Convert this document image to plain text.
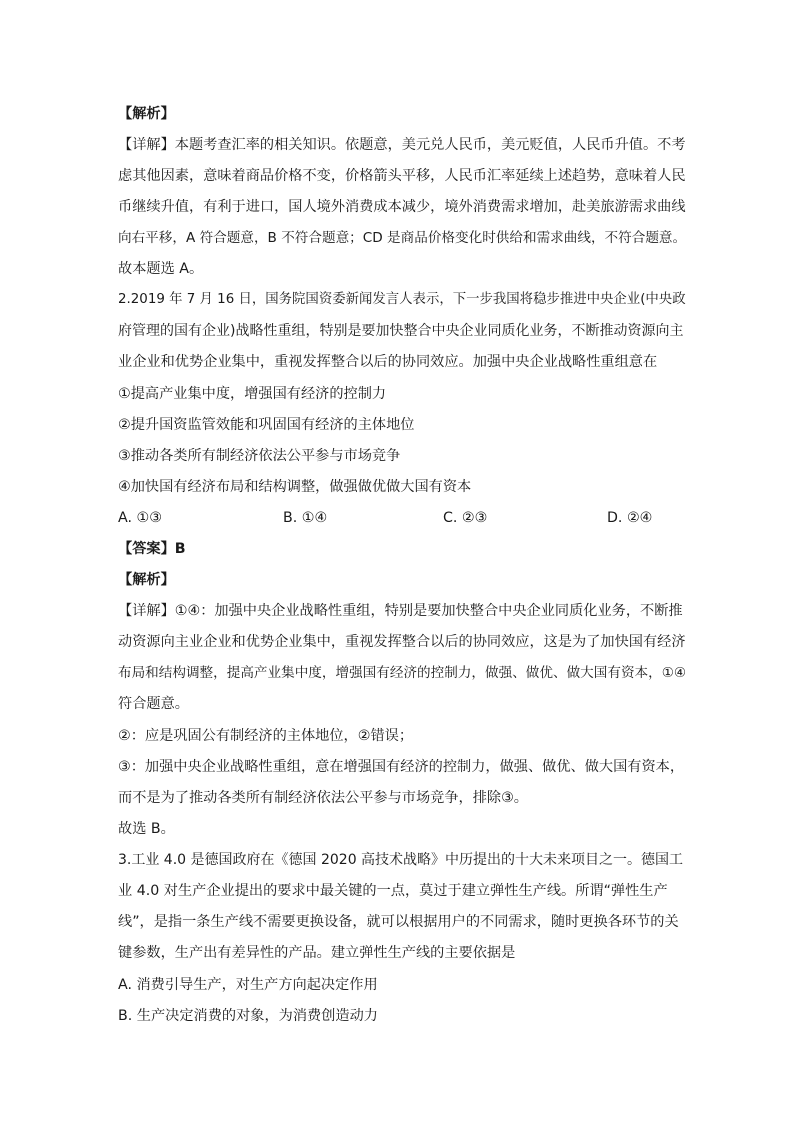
【解析】
【详解】本题考查汇率的相关知识。依题意，美元兑人民币，美元贬值，人民币升值。不考
虑其他因素，意味着商品价格不变，价格箭头平移，人民币汇率延续上述趋势，意味着人民
币继续升值，有利于进口，国人境外消费成本减少，境外消费需求增加，赴美旅游需求曲线
向右平移，A 符合题意，B 不符合题意；CD 是商品价格变化时供给和需求曲线，不符合题意。
故本题选 A。
2.2019 年 7 月 16 日，国务院国资委新闻发言人表示，下一步我国将稳步推进中央企业(中央政
府管理的国有企业)战略性重组，特别是要加快整合中央企业同质化业务，不断推动资源向主
业企业和优势企业集中，重视发挥整合以后的协同效应。加强中央企业战略性重组意在
①提高产业集中度，增强国有经济的控制力
②提升国资监管效能和巩固国有经济的主体地位
③推动各类所有制经济依法公平参与市场竞争
④加快国有经济布局和结构调整，做强做优做大国有资本
A. ①③	B. ①④	C. ②③	D. ②④
【答案】B
【解析】
【详解】①④：加强中央企业战略性重组，特别是要加快整合中央企业同质化业务，不断推
动资源向主业企业和优势企业集中，重视发挥整合以后的协同效应，这是为了加快国有经济
布局和结构调整，提高产业集中度，增强国有经济的控制力，做强、做优、做大国有资本，①④
符合题意。
②：应是巩固公有制经济的主体地位，②错误；
③：加强中央企业战略性重组，意在增强国有经济的控制力，做强、做优、做大国有资本，
而不是为了推动各类所有制经济依法公平参与市场竞争，排除③。
故选 B。
3.工业 4.0 是德国政府在《德国 2020 高技术战略》中历提出的十大未来项目之一。德国工
业 4.0 对生产企业提出的要求中最关键的一点，莫过于建立弹性生产线。所谓“弹性生产
线”，是指一条生产线不需要更换设备，就可以根据用户的不同需求，随时更换各环节的关
键参数，生产出有差异性的产品。建立弹性生产线的主要依据是
A. 消费引导生产，对生产方向起决定作用
B. 生产决定消费的对象，为消费创造动力
